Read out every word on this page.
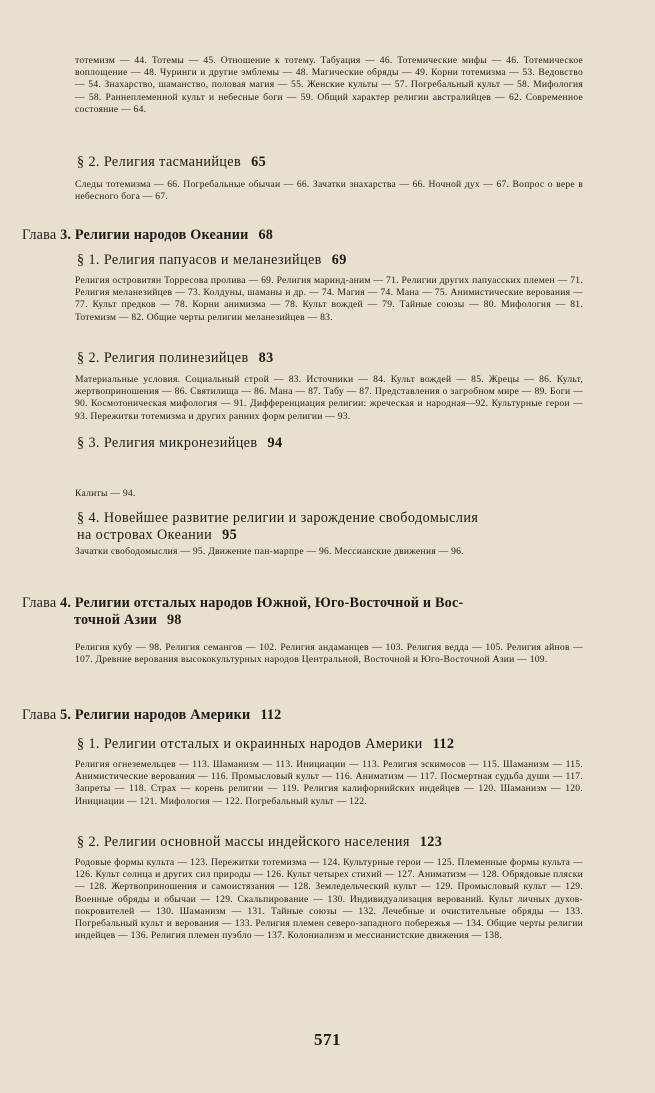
тотемизм — 44. Тотемы — 45. Отношение к тотему. Табуация — 46. Тотемические мифы — 46. Тотемическое воплощение — 48. Чуринги и другие эмблемы — 48. Магические обряды — 49. Корни тотемизма — 53. Ведовство — 54. Знахарство, шаманство, половая магия — 55. Женские культы — 57. Погребальный культ — 58. Мифология — 58. Раннеплеменной культ и небесные боги — 59. Общий характер религии австралийцев — 62. Современное состояние — 64.
§ 2. Религия тасманийцев 65
Следы тотемизма — 66. Погребальные обычаи — 66. Зачатки знахарства — 66. Ночной дух — 67. Вопрос о вере в небесного бога — 67.
Глава 3. Религии народов Океании 68
§ 1. Религия папуасов и меланезийцев 69
Религия островитян Торресова пролива — 69. Религия маринд-аним — 71. Религии других папуасских племен — 71. Религия меланезийцев — 73. Колдуны, шаманы и др. — 74. Магия — 74. Мана — 75. Анимистические верования — 77. Культ предков — 78. Корни анимизма — 78. Культ вождей — 79. Тайные союзы — 80. Мифология — 81. Тотемизм — 82. Общие черты религии меланезийцев — 83.
§ 2. Религия полинезийцев 83
Материальные условия. Социальный строй — 83. Источники — 84. Культ вождей — 85. Жрецы — 86. Культ, жертвоприношения — 86. Святилища — 86. Мана — 87. Табу — 87. Представления о загробном мире — 89. Боги — 90. Космотоническая мифология — 91. Дифференциация религии: жреческая и народная—92. Культурные герои — 93. Пережитки тотемизма и других ранних форм религии — 93.
§ 3. Религия микронезийцев 94
Калиты — 94.
§ 4. Новейшее развитие религии и зарождение свободомыслия
на островах Океании 95
Зачатки свободомыслия — 95. Движение пан-марпре — 96. Мессианские движения — 96.
Глава 4. Религии отсталых народов Южной, Юго-Восточной и Вос-
точной Азии 98
Религия кубу — 98. Религия семангов — 102. Религия андаманцев — 103. Религия ведда — 105. Религия айнов — 107. Древние верования высококультурных народов Центральной, Восточной и Юго-Восточной Азии — 109.
Глава 5. Религии народов Америки 112
§ 1. Религии отсталых и окраинных народов Америки 112
Религия огнеземельцев — 113. Шаманизм — 113. Инициации — 113. Религия эскимосов — 115. Шаманизм — 115. Анимистические верования — 116. Промысловый культ — 116. Аниматизм — 117. Посмертная судьба души — 117. Запреты — 118. Страх — корень религии — 119. Религия калифорнийских индейцев — 120. Шаманизм — 120. Инициации — 121. Мифология — 122. Погребальный культ — 122.
§ 2. Религии основной массы индейского населения 123
Родовые формы культа — 123. Пережитки тотемизма — 124. Культурные герои — 125. Племенные формы культа — 126. Культ солнца и других сил природы — 126. Культ четырех стихий — 127. Аниматизм — 128. Обрядовые пляски — 128. Жертвоприношения и самоистязания — 128. Земледельческий культ — 129. Промысловый культ — 129. Военные обряды и обычаи — 129. Скальпирование — 130. Индивидуализация верований. Культ личных духов-покровителей — 130. Шаманизм — 131. Тайные союзы — 132. Лечебные и очистительные обряды — 133. Погребальный культ и верования — 133. Религия племен северо-западного побережья — 134. Общие черты религии индейцев — 136. Религия племен пуэбло — 137. Колониализм и мессианистские движения — 138.
571
